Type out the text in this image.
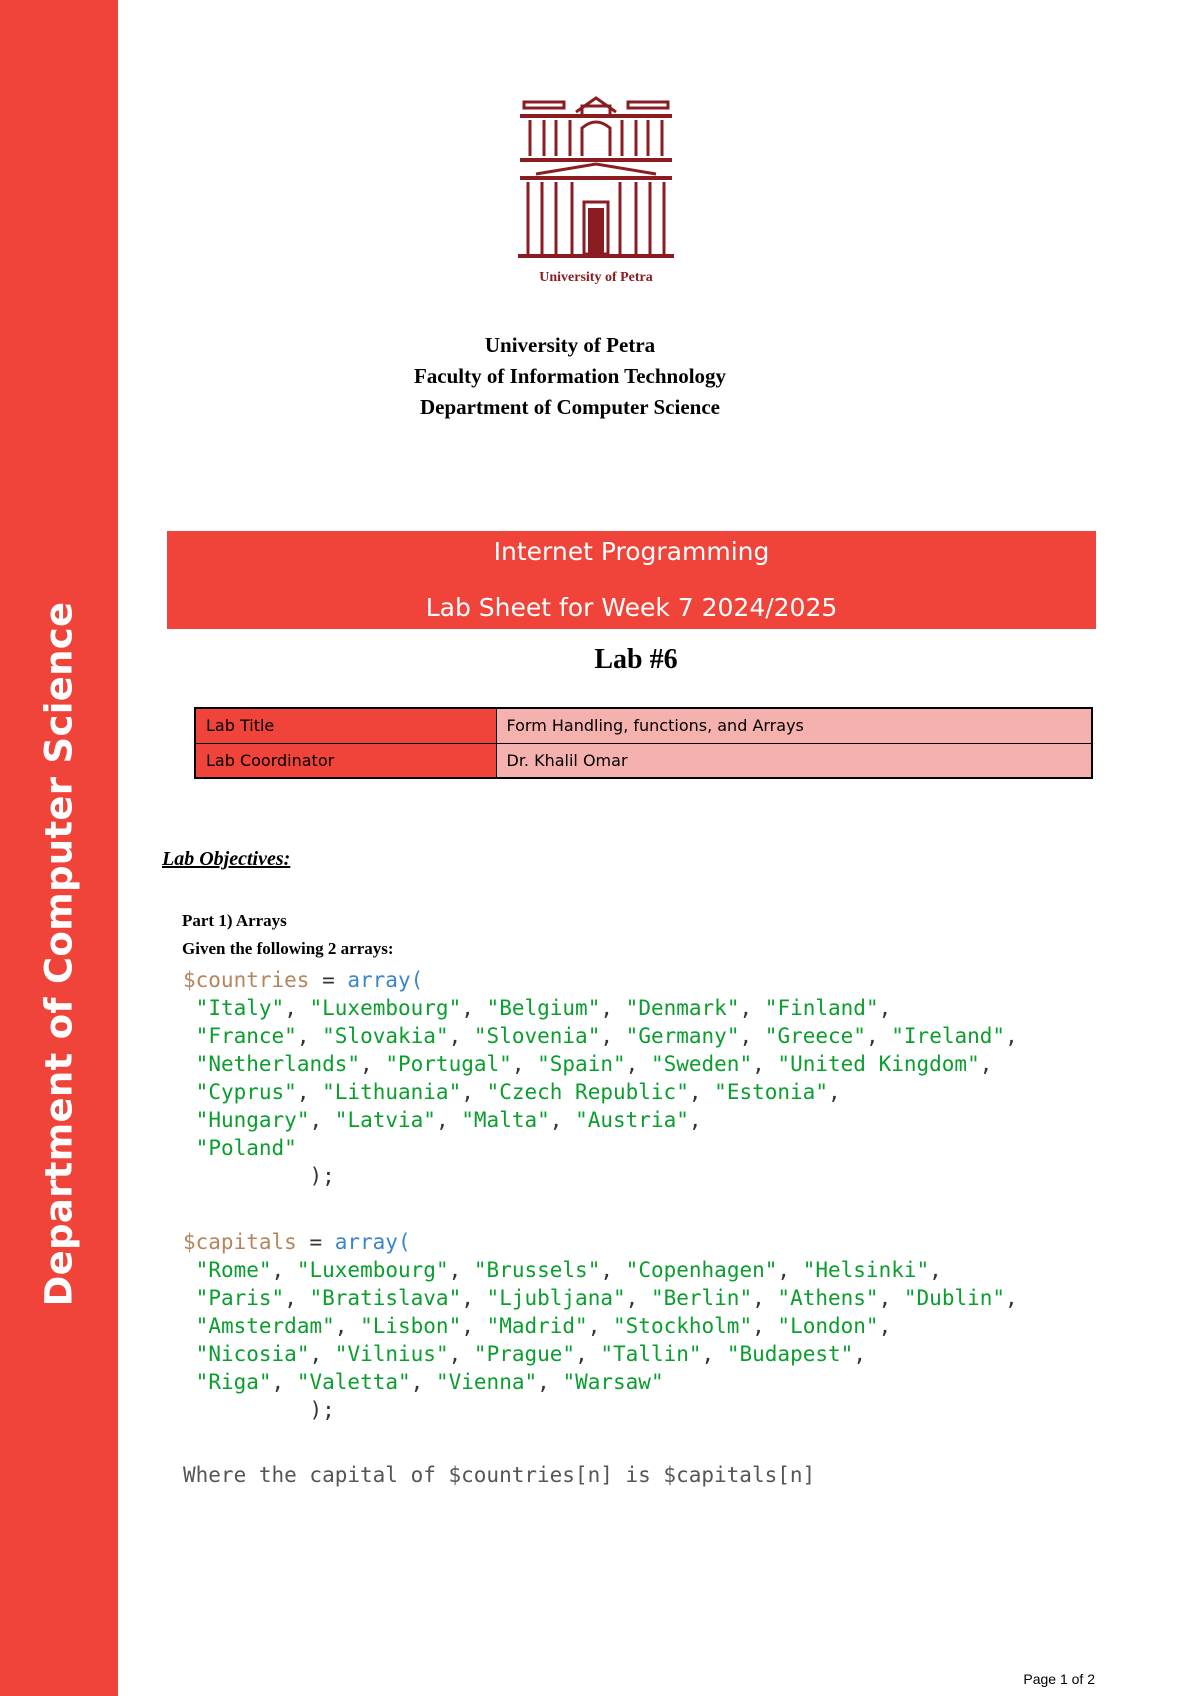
Department of Computer Science
University of Petra
University of Petra
Faculty of Information Technology
Department of Computer Science
Internet Programming
Lab Sheet for Week 7 2024/2025
Lab #6
Lab Title	Form Handling, functions, and Arrays
Lab Coordinator	Dr. Khalil Omar
Lab Objectives:
Part 1) Arrays
Given the following 2 arrays:
$countries = array(
"Italy", "Luxembourg", "Belgium", "Denmark", "Finland",
"France", "Slovakia", "Slovenia", "Germany", "Greece", "Ireland",
"Netherlands", "Portugal", "Spain", "Sweden", "United Kingdom",
"Cyprus", "Lithuania", "Czech Republic", "Estonia",
"Hungary", "Latvia", "Malta", "Austria",
"Poland"
);
$capitals = array(
"Rome", "Luxembourg", "Brussels", "Copenhagen", "Helsinki",
"Paris", "Bratislava", "Ljubljana", "Berlin", "Athens", "Dublin",
"Amsterdam", "Lisbon", "Madrid", "Stockholm", "London",
"Nicosia", "Vilnius", "Prague", "Tallin", "Budapest",
"Riga", "Valetta", "Vienna", "Warsaw"
);
Where the capital of $countries[n] is $capitals[n]
Page 1 of 2
